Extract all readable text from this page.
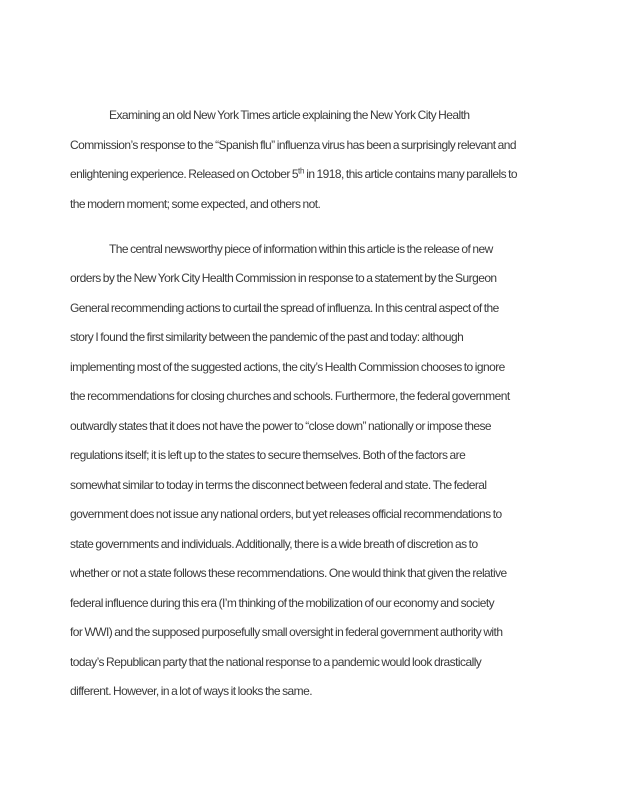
Examining an old New York Times article explaining the New York City Health
Commission’s response to the “Spanish flu” influenza virus has been a surprisingly relevant and
enlightening experience. Released on October 5th in 1918, this article contains many parallels to
the modern moment; some expected, and others not.

The central newsworthy piece of information within this article is the release of new
orders by the New York City Health Commission in response to a statement by the Surgeon
General recommending actions to curtail the spread of influenza. In this central aspect of the
story I found the first similarity between the pandemic of the past and today: although
implementing most of the suggested actions, the city’s Health Commission chooses to ignore
the recommendations for closing churches and schools. Furthermore, the federal government
outwardly states that it does not have the power to “close down” nationally or impose these
regulations itself; it is left up to the states to secure themselves. Both of the factors are
somewhat similar to today in terms the disconnect between federal and state. The federal
government does not issue any national orders, but yet releases official recommendations to
state governments and individuals. Additionally, there is a wide breath of discretion as to
whether or not a state follows these recommendations. One would think that given the relative
federal influence during this era (I’m thinking of the mobilization of our economy and society
for WWI) and the supposed purposefully small oversight in federal government authority with
today’s Republican party that the national response to a pandemic would look drastically
different. However, in a lot of ways it looks the same.
